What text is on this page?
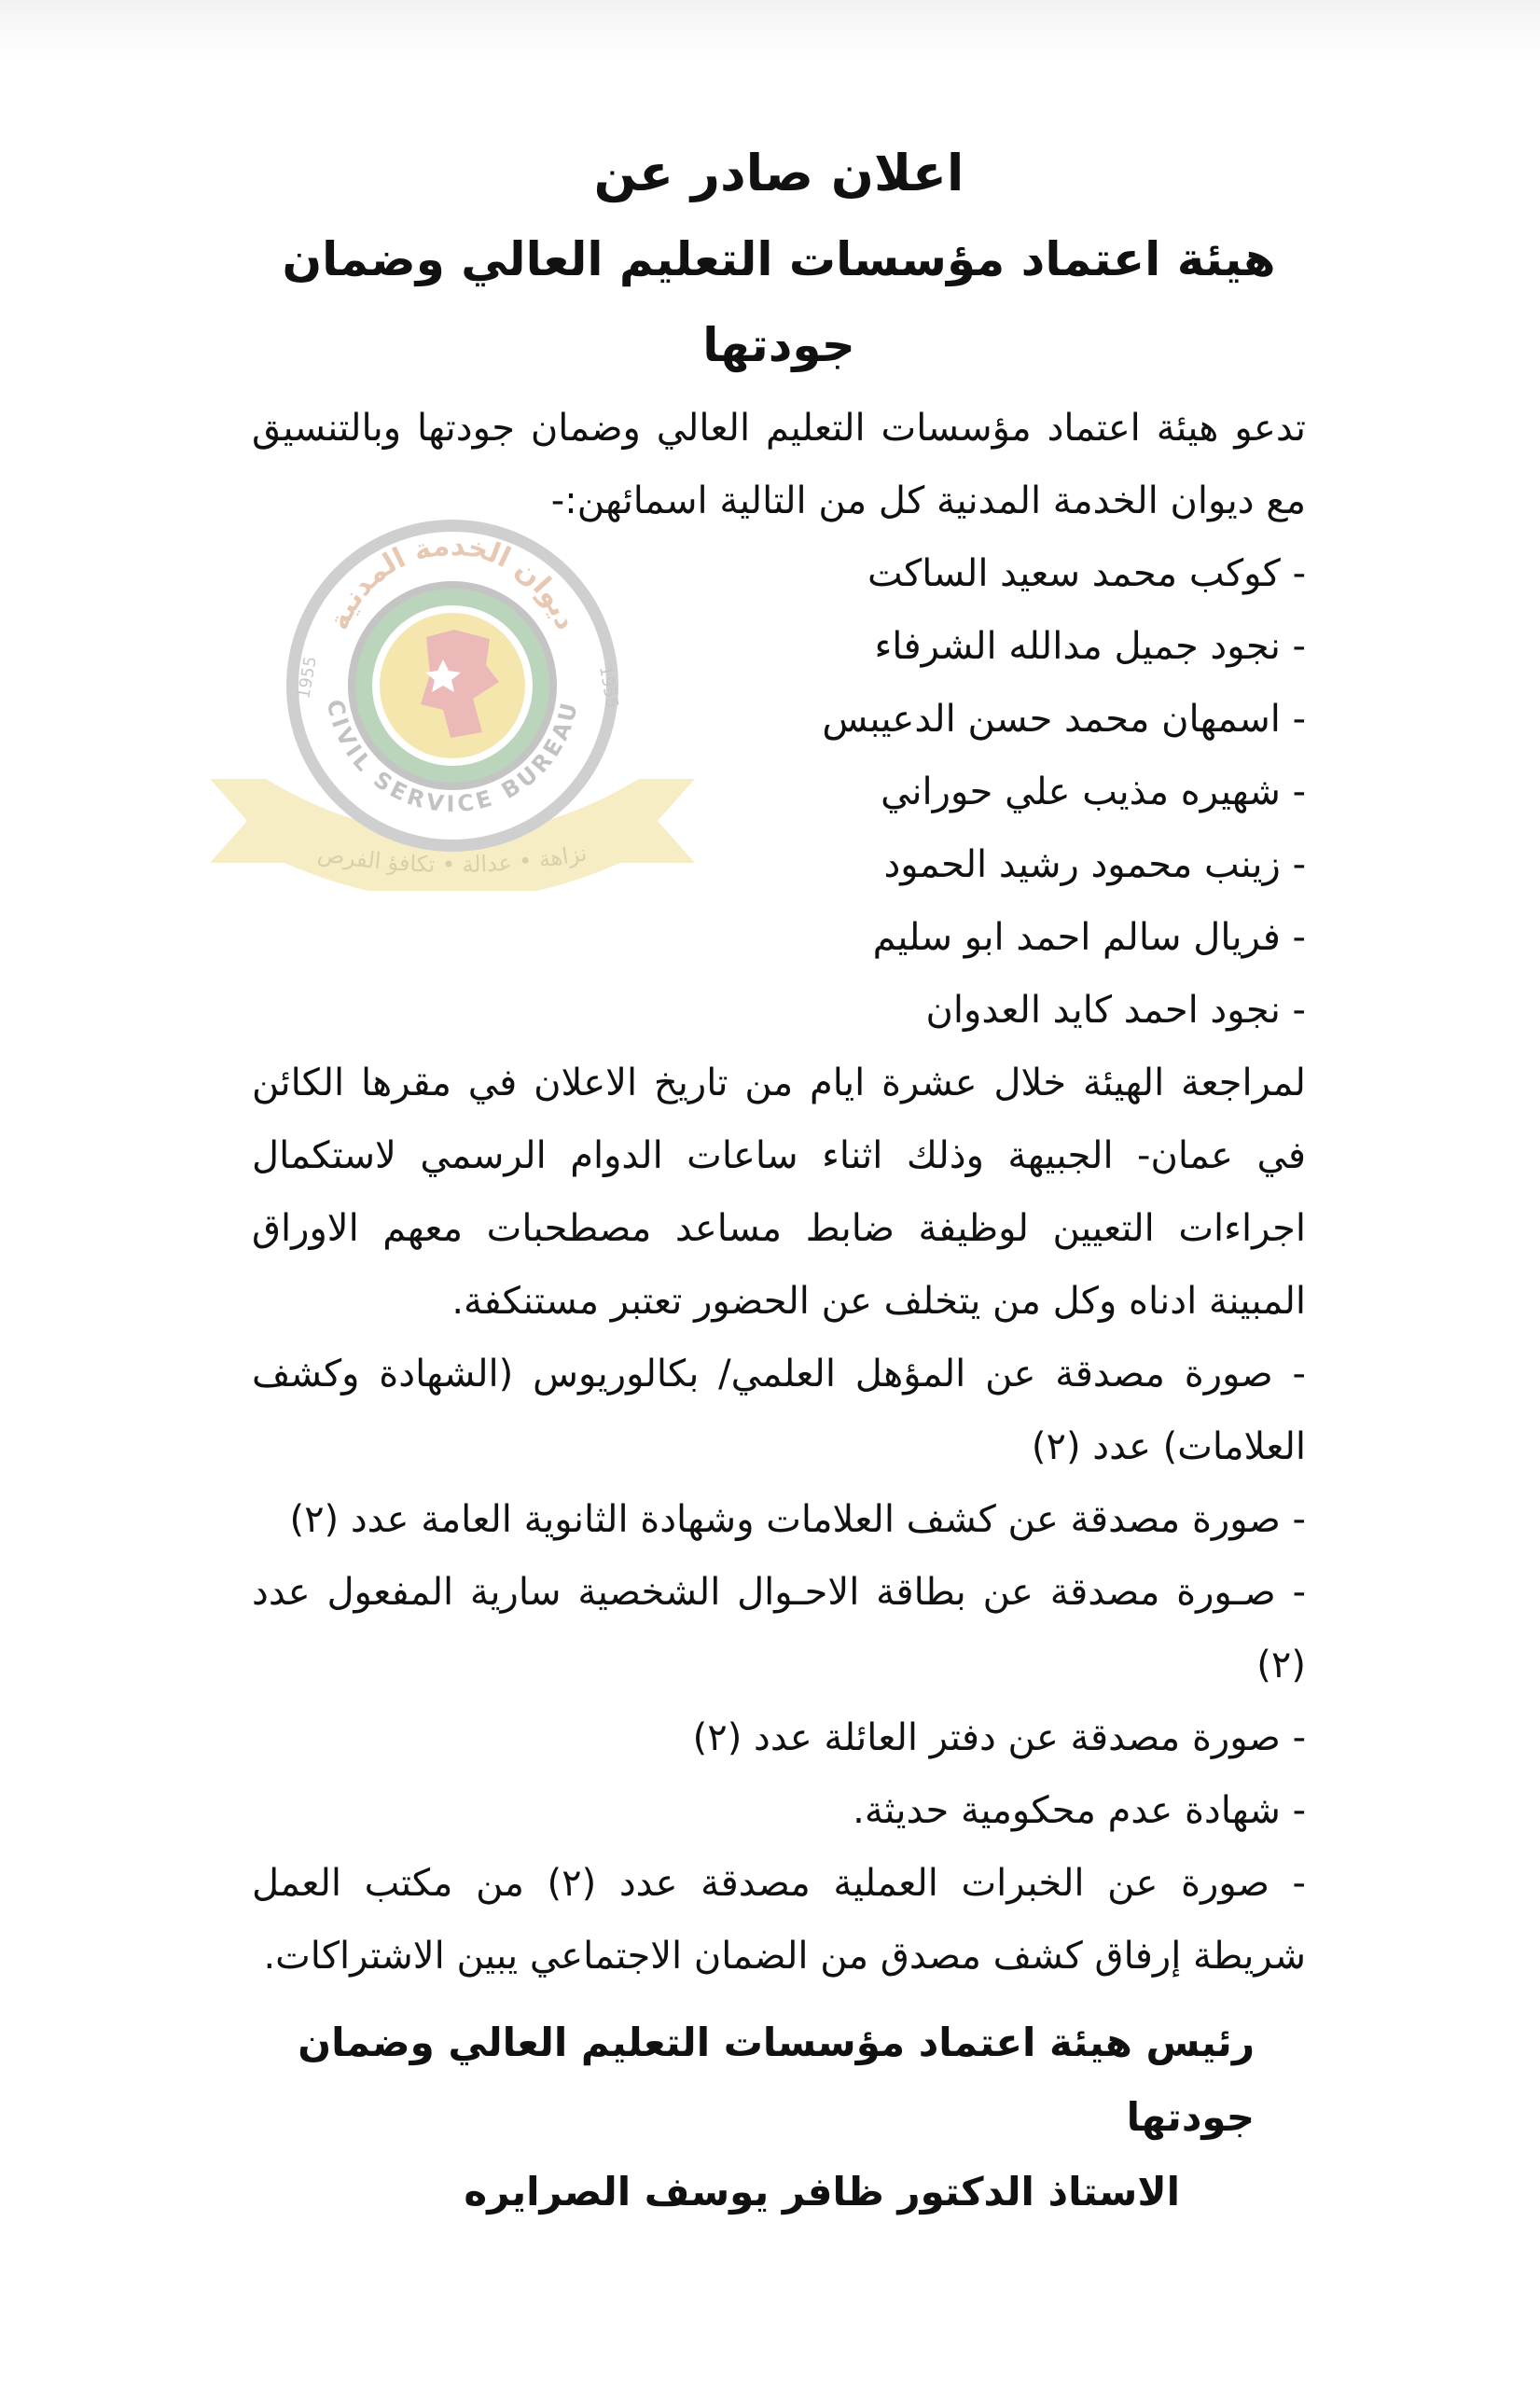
ديوان الخدمة المدنية
CIVIL SERVICE BUREAU
1955	1955
نزاهة • عدالة • تكافؤ الفرص
اعلان صادر عن
هيئة اعتماد مؤسسات التعليم العالي وضمان جودتها

تدعو هيئة اعتماد مؤسسات التعليم العالي وضمان جودتها وبالتنسيق مع ديوان الخدمة المدنية كل من التالية اسمائهن:-

- كوكب محمد سعيد الساكت

- نجود جميل مدالله الشرفاء

- اسمهان محمد حسن الدعيبس

- شهيره مذيب علي حوراني

- زينب محمود رشيد الحمود

- فريال سالم احمد ابو سليم

- نجود احمد كايد العدوان

لمراجعة الهيئة خلال عشرة ايام من تاريخ الاعلان في مقرها الكائن في عمان- الجبيهة وذلك اثناء ساعات الدوام الرسمي لاستكمال اجراءات التعيين لوظيفة ضابط مساعد مصطحبات معهم الاوراق المبينة ادناه وكل من يتخلف عن الحضور تعتبر مستنكفة.

- صورة مصدقة عن المؤهل العلمي/ بكالوريوس (الشهادة وكشف العلامات) عدد (٢)

- صورة مصدقة عن كشف العلامات وشهادة الثانوية العامة عدد (٢)

- صـورة مصدقة عن بطاقة الاحـوال الشخصية سارية المفعول عدد (٢)

- صورة مصدقة عن دفتر العائلة عدد (٢)

- شهادة عدم محكومية حديثة.

- صورة عن الخبرات العملية مصدقة عدد (٢) من مكتب العمل شريطة إرفاق كشف مصدق من الضمان الاجتماعي يبين الاشتراكات.

رئيس هيئة اعتماد مؤسسات التعليم العالي وضمان جودتها

الاستاذ الدكتور ظافر يوسف الصرايره
